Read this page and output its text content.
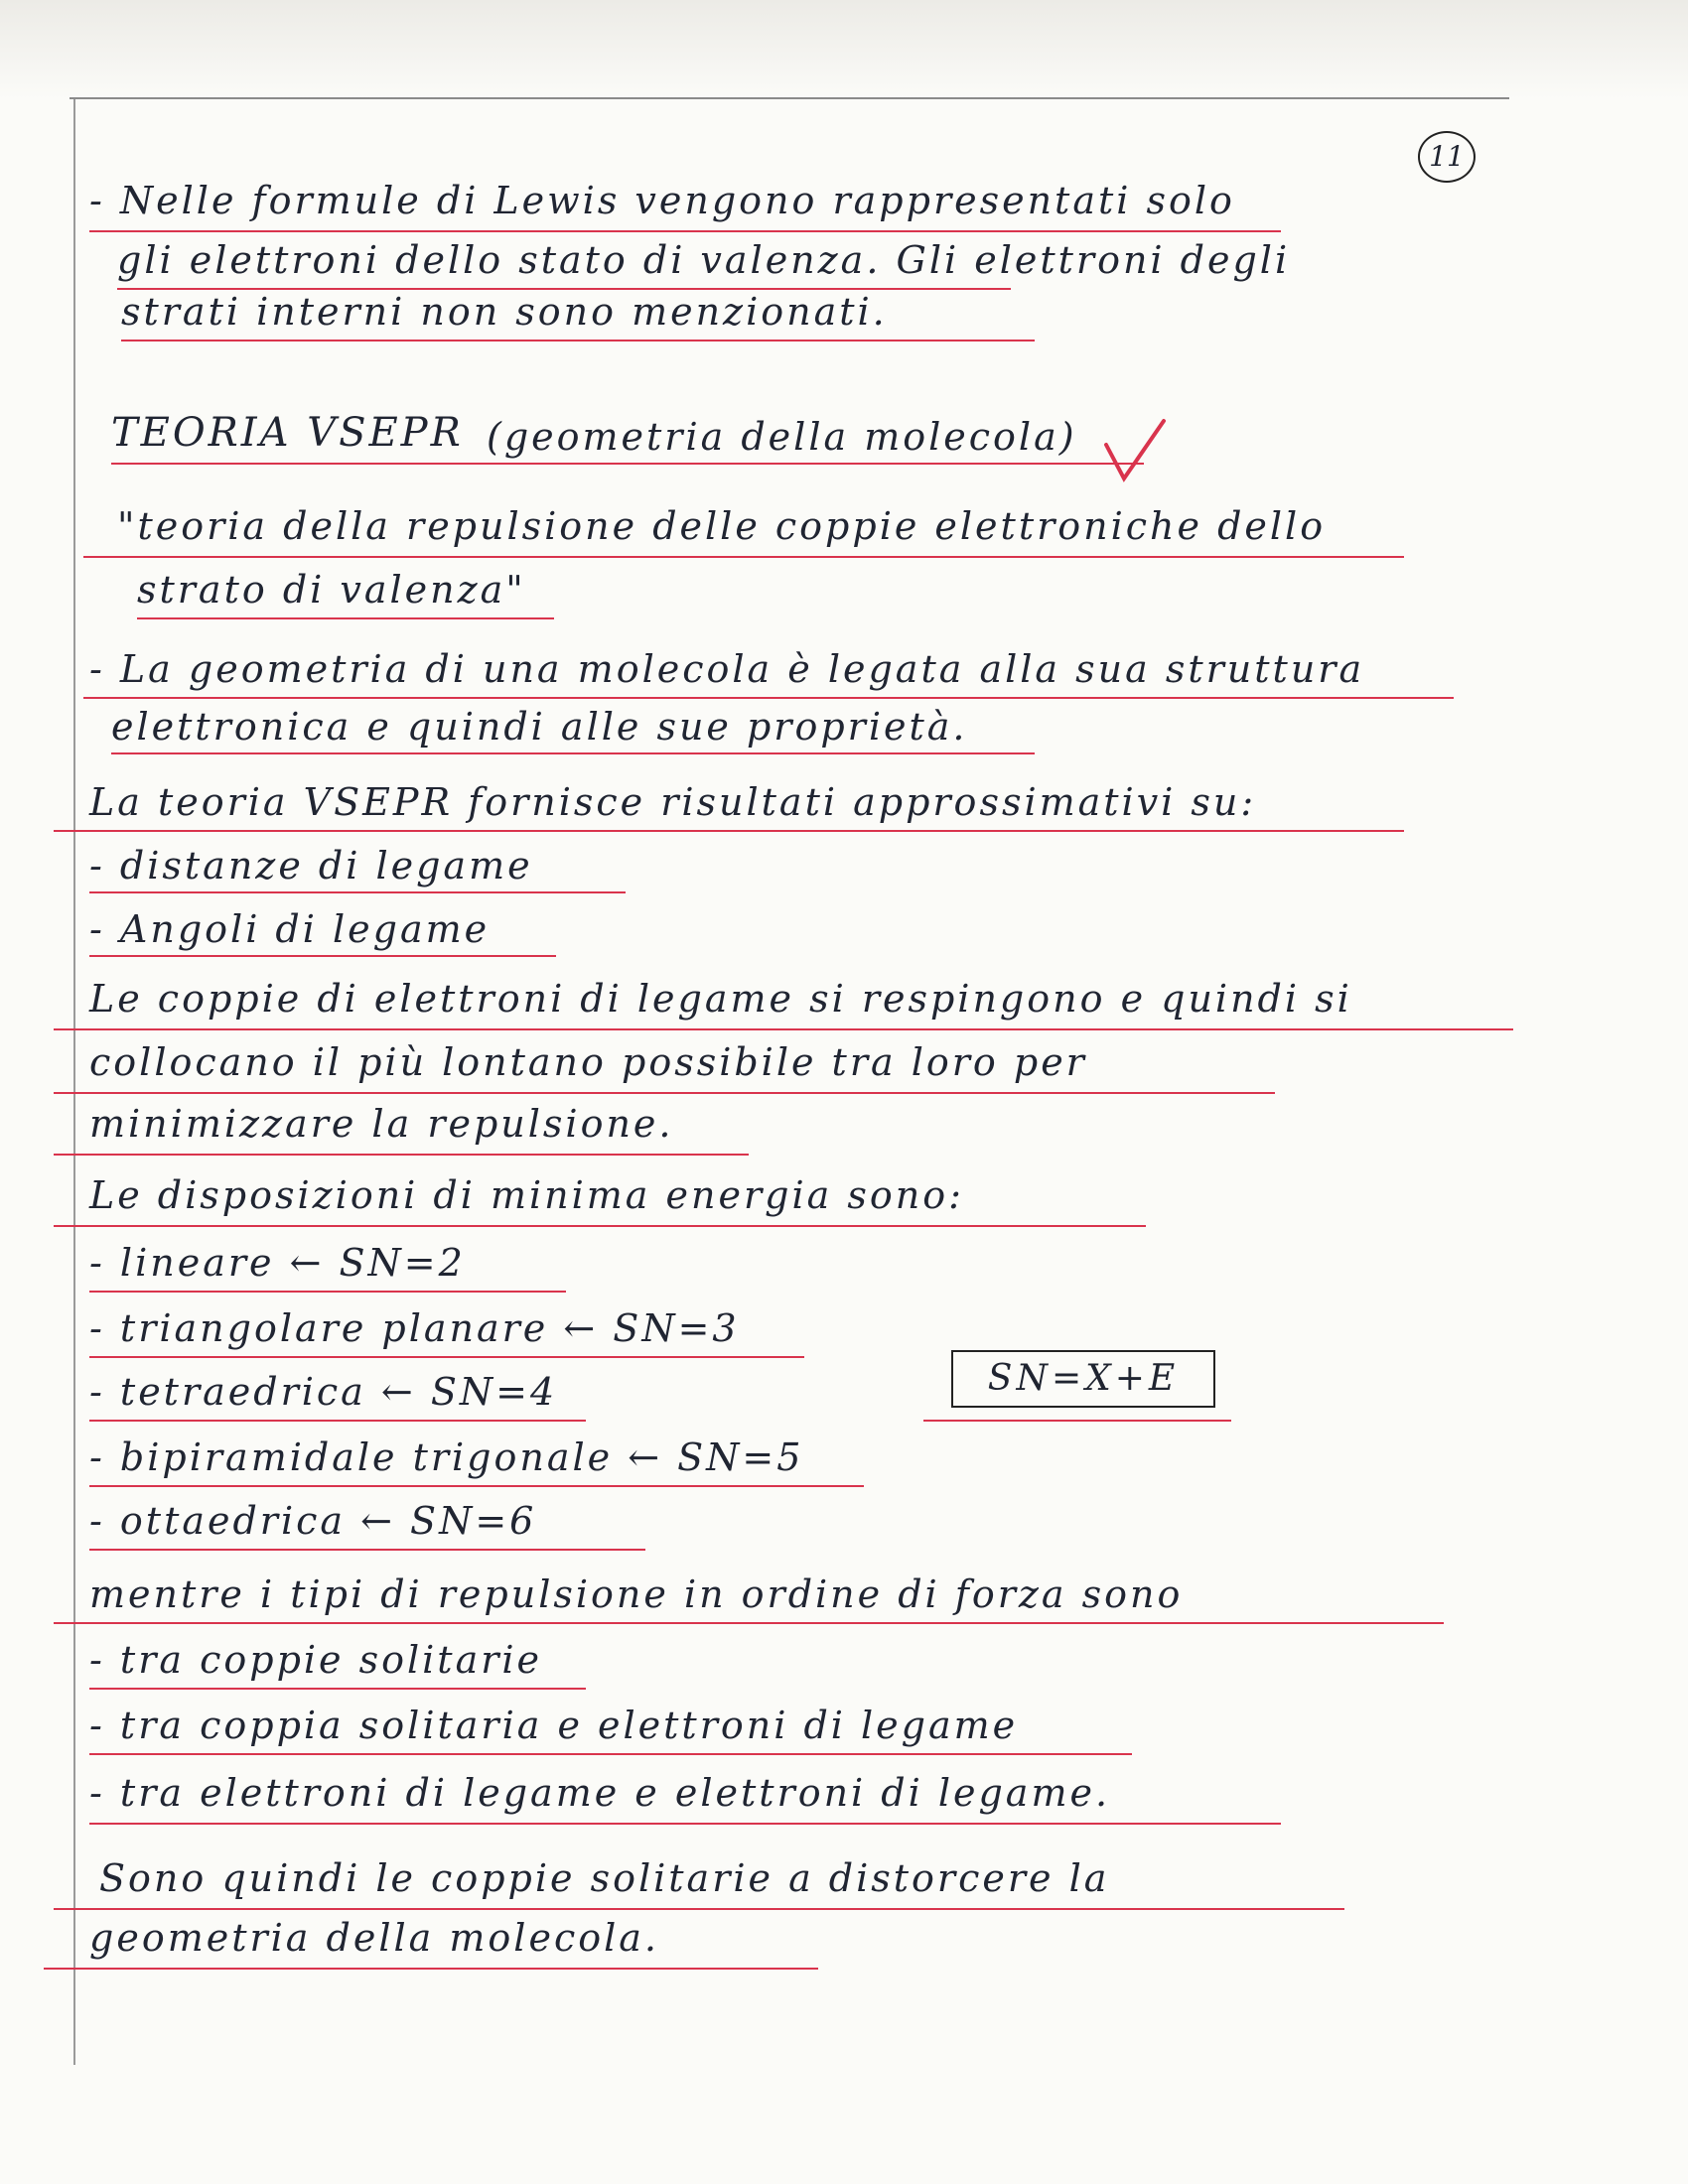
11
- Nelle formule di Lewis vengono rappresentati solo
gli elettroni dello stato di valenza. Gli elettroni degli
strati interni non sono menzionati.
TEORIA VSEPR (geometria della molecola)
"teoria della repulsione delle coppie elettroniche dello
strato di valenza"
- La geometria di una molecola è legata alla sua struttura
elettronica e quindi alle sue proprietà.
La teoria VSEPR fornisce risultati approssimativi su:
- distanze di legame
- Angoli di legame
Le coppie di elettroni di legame si respingono e quindi si
collocano il più lontano possibile tra loro per
minimizzare la repulsione.
Le disposizioni di minima energia sono:
- lineare ← SN=2
- triangolare planare ← SN=3
- tetraedrica ← SN=4
- bipiramidale trigonale ← SN=5
- ottaedrica ← SN=6
SN=X+E
mentre i tipi di repulsione in ordine di forza sono
- tra coppie solitarie
- tra coppia solitaria e elettroni di legame
- tra elettroni di legame e elettroni di legame.
Sono quindi le coppie solitarie a distorcere la
geometria della molecola.
